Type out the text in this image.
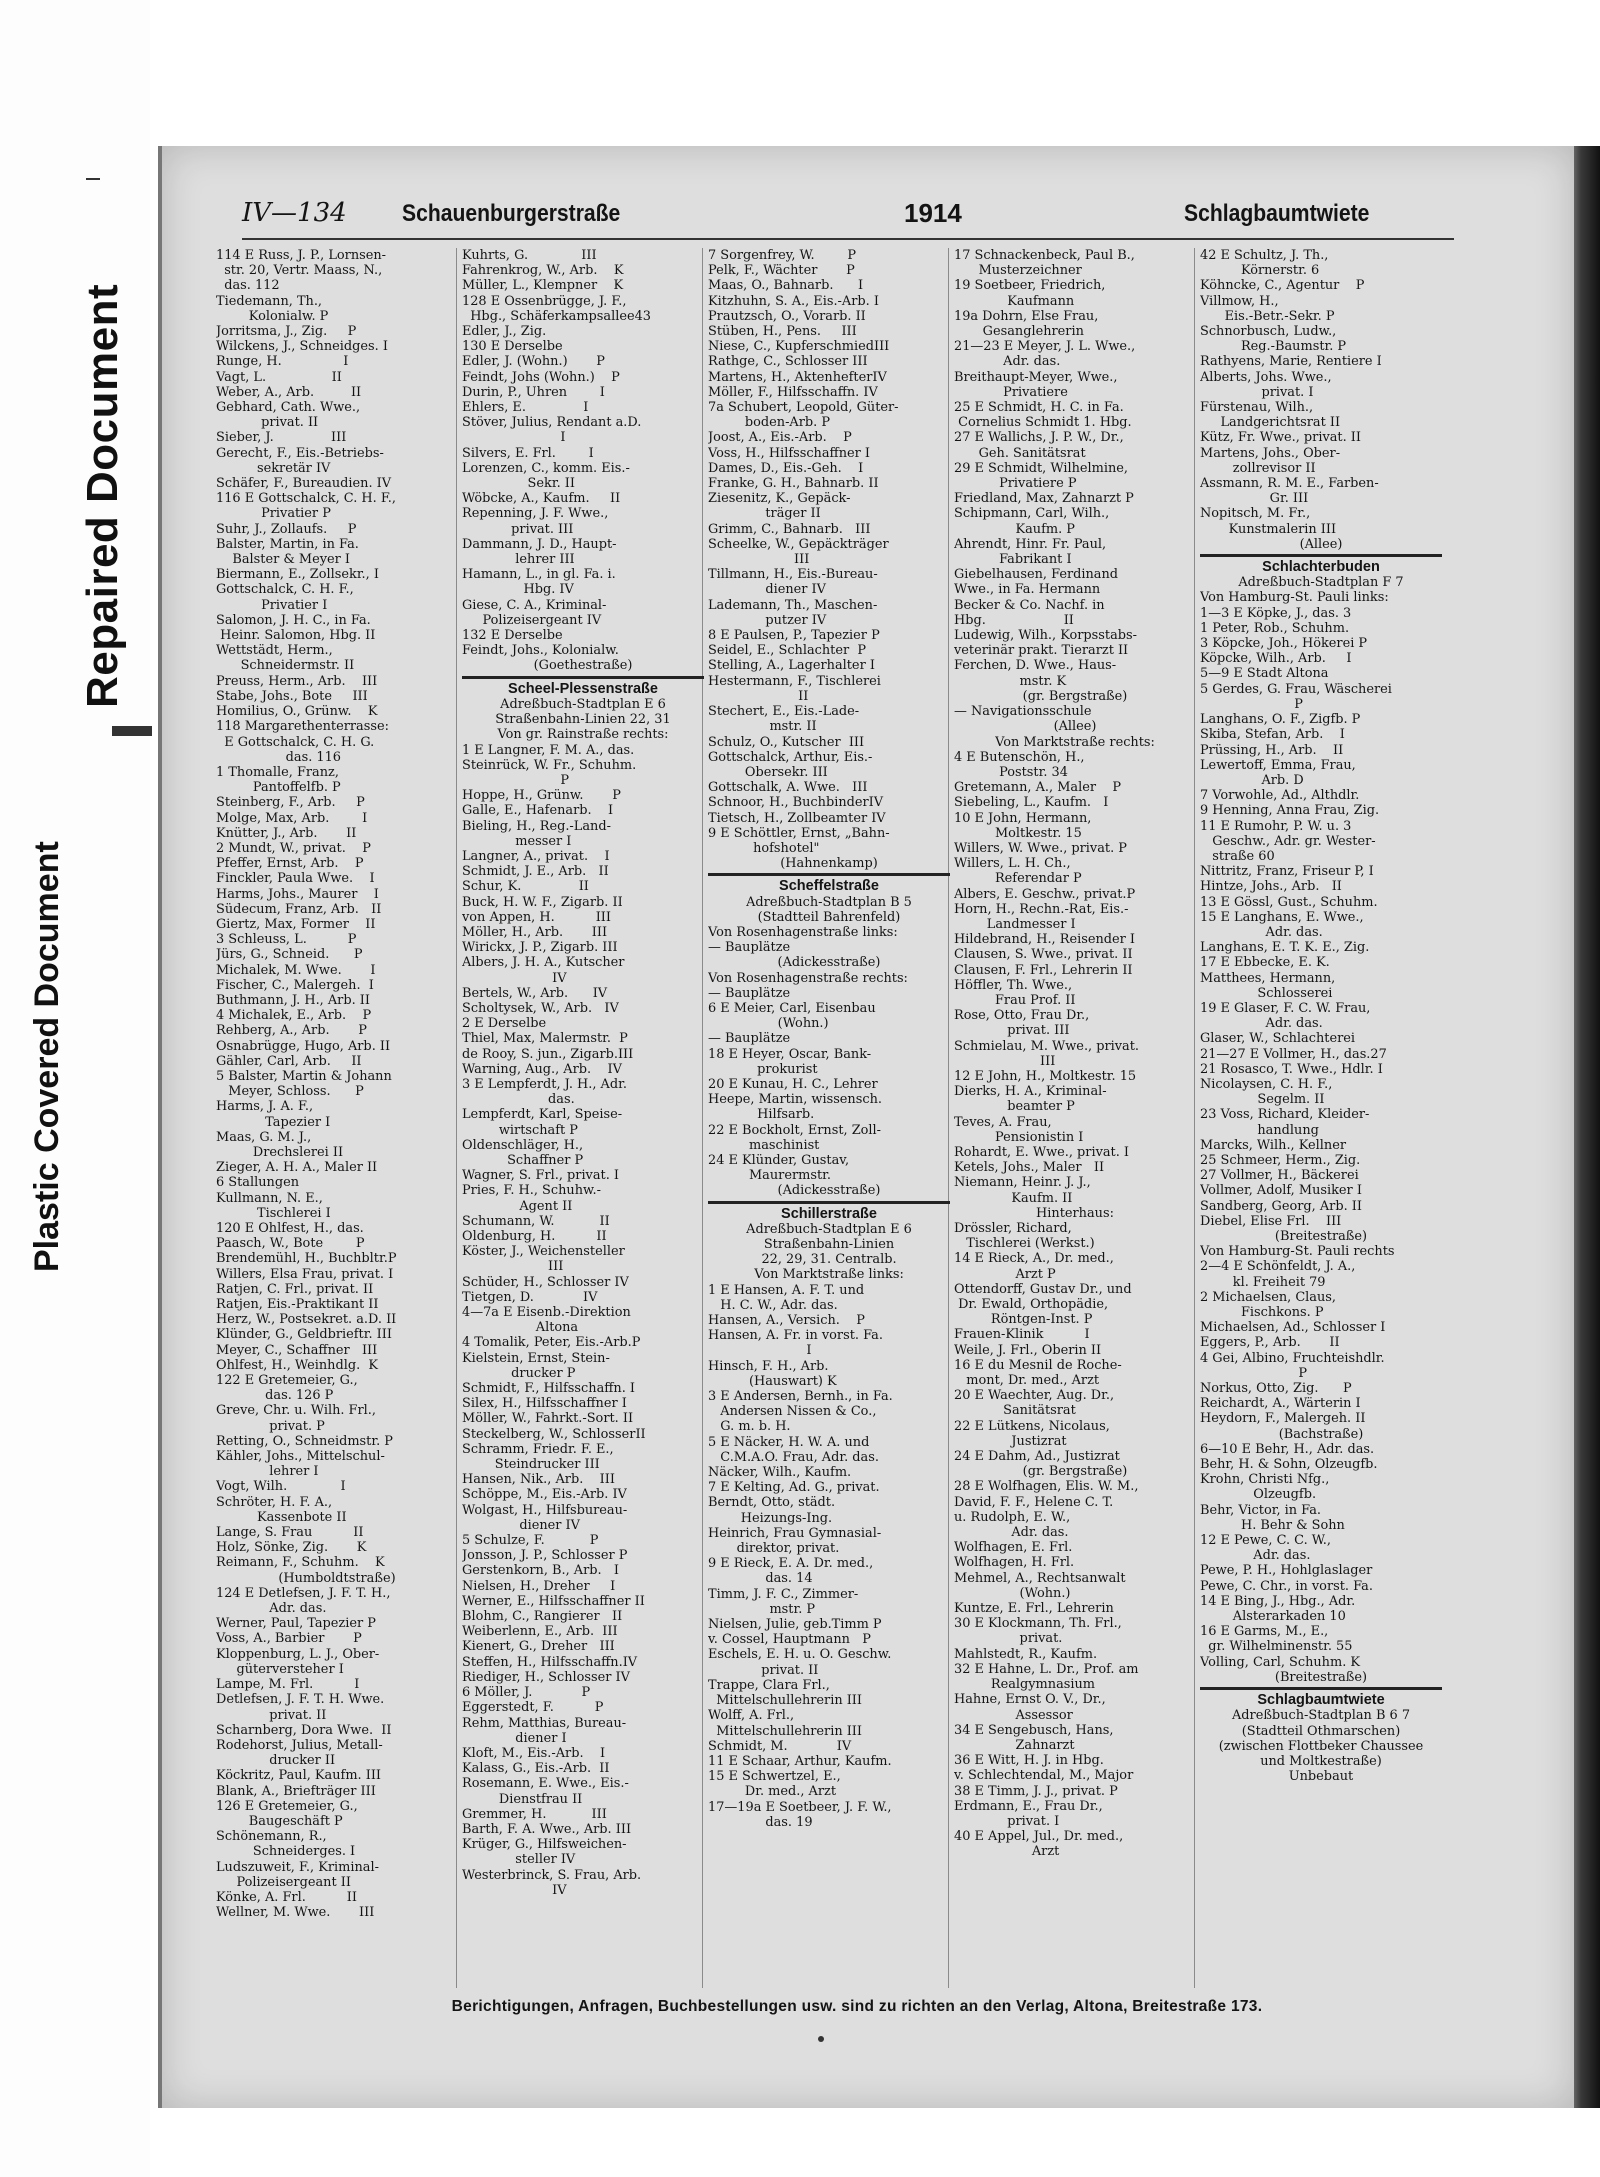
Repaired Document
Plastic Covered Document
IV—134 Schauenburgerstraße	1914	Schlagbaumtwiete
114 E Russ, J. P., Lornsen-
str. 20, Vertr. Maass, N.,
das. 112
Tiedemann, Th.,
Kolonialw. P
Jorritsma, J., Zig.     P
Wilckens, J., Schneidges. I
Runge, H.               I
Vagt, L.                II
Weber, A., Arb.         II
Gebhard, Cath. Wwe.,
privat. II
Sieber, J.              III
Gerecht, F., Eis.-Betriebs-
sekretär IV
Schäfer, F., Bureaudien. IV
116 E Gottschalck, C. H. F.,
Privatier P
Suhr, J., Zollaufs.     P
Balster, Martin, in Fa.
Balster & Meyer I
Biermann, E., Zollsekr., I
Gottschalck, C. H. F.,
Privatier I
Salomon, J. H. C., in Fa.
Heinr. Salomon, Hbg. II
Wettstädt, Herm.,
Schneidermstr. II
Preuss, Herm., Arb.    III
Stabe, Johs., Bote     III
Homilius, O., Grünw.    K
118 Margarethenterrasse:
E Gottschalck, C. H. G.
das. 116
1 Thomalle, Franz,
Pantoffelfb. P
Steinberg, F., Arb.     P
Molge, Max, Arb.        I
Knütter, J., Arb.       II
2 Mundt, W., privat.    P
Pfeffer, Ernst, Arb.    P
Finckler, Paula Wwe.    I
Harms, Johs., Maurer    I
Südecum, Franz, Arb.   II
Giertz, Max, Former    II
3 Schleuss, L.          P
Jürs, G., Schneid.      P
Michalek, M. Wwe.       I
Fischer, C., Malergeh.  I
Buthmann, J. H., Arb. II
4 Michalek, E., Arb.    P
Rehberg, A., Arb.       P
Osnabrügge, Hugo, Arb. II
Gähler, Carl, Arb.     II
5 Balster, Martin & Johann
Meyer, Schloss.      P
Harms, J. A. F.,
Tapezier I
Maas, G. M. J.,
Drechslerei II
Zieger, A. H. A., Maler II
6 Stallungen
Kullmann, N. E.,
Tischlerei I
120 E Ohlfest, H., das.
Paasch, W., Bote        P
Brendemühl, H., Buchbltr.P
Willers, Elsa Frau, privat. I
Ratjen, C. Frl., privat. II
Ratjen, Eis.-Praktikant II
Herz, W., Postsekret. a.D. II
Klünder, G., Geldbrieftr. III
Meyer, C., Schaffner   III
Ohlfest, H., Weinhdlg.  K
122 E Gretemeier, G.,
das. 126 P
Greve, Chr. u. Wilh. Frl.,
privat. P
Retting, O., Schneidmstr. P
Kähler, Johs., Mittelschul-
lehrer I
Vogt, Wilh.             I
Schröter, H. F. A.,
Kassenbote II
Lange, S. Frau          II
Holz, Sönke, Zig.       K
Reimann, F., Schuhm.    K
(Humboldtstraße)
124 E Detlefsen, J. F. T. H.,
Adr. das.
Werner, Paul, Tapezier P
Voss, A., Barbier       P
Kloppenburg, L. J., Ober-
güterversteher I
Lampe, M. Frl.          I
Detlefsen, J. F. T. H. Wwe.
privat. II
Scharnberg, Dora Wwe.  II
Rodehorst, Julius, Metall-
drucker II
Köckritz, Paul, Kaufm. III
Blank, A., Briefträger III
126 E Gretemeier, G.,
Baugeschäft P
Schönemann, R.,
Schneiderges. I
Ludszuweit, F., Kriminal-
Polizeisergeant II
Könke, A. Frl.          II
Wellner, M. Wwe.       III
Kuhrts, G.             III
Fahrenkrog, W., Arb.    K
Müller, L., Klempner    K
128 E Ossenbrügge, J. F.,
Hbg., Schäferkampsallee43
Edler, J., Zig.
130 E Derselbe
Edler, J. (Wohn.)       P
Feindt, Johs (Wohn.)    P
Durin, P., Uhren        I
Ehlers, E.              I
Stöver, Julius, Rendant a.D.
I
Silvers, E. Frl.        I
Lorenzen, C., komm. Eis.-
Sekr. II
Wöbcke, A., Kaufm.     II
Repenning, J. F. Wwe.,
privat. III
Dammann, J. D., Haupt-
lehrer III
Hamann, L., in gl. Fa. i.
Hbg. IV
Giese, C. A., Kriminal-
Polizeisergeant IV
132 E Derselbe
Feindt, Johs., Kolonialw.
(Goethestraße)
Scheel-Plessenstraße
Adreßbuch-Stadtplan E 6
Straßenbahn-Linien 22, 31
Von gr. Rainstraße rechts:
1 E Langner, F. M. A., das.
Steinrück, W. Fr., Schuhm.
P
Hoppe, H., Grünw.       P
Galle, E., Hafenarb.    I
Bieling, H., Reg.-Land-
messer I
Langner, A., privat.    I
Schmidt, J. E., Arb.   II
Schur, K.              II
Buck, H. W. F., Zigarb. II
von Appen, H.          III
Möller, H., Arb.       III
Wirickx, J. P., Zigarb. III
Albers, J. H. A., Kutscher
IV
Bertels, W., Arb.      IV
Scholtysek, W., Arb.   IV
2 E Derselbe
Thiel, Max, Malermstr.  P
de Rooy, S. jun., Zigarb.III
Warning, Aug., Arb.    IV
3 E Lempferdt, J. H., Adr.
das.
Lempferdt, Karl, Speise-
wirtschaft P
Oldenschläger, H.,
Schaffner P
Wagner, S. Frl., privat. I
Pries, F. H., Schuhw.-
Agent II
Schumann, W.           II
Oldenburg, H.          II
Köster, J., Weichensteller
III
Schüder, H., Schlosser IV
Tietgen, D.            IV
4—7a E Eisenb.-Direktion
Altona
4 Tomalik, Peter, Eis.-Arb.P
Kielstein, Ernst, Stein-
drucker P
Schmidt, F., Hilfsschaffn. I
Silex, H., Hilfsschaffner I
Möller, W., Fahrkt.-Sort. II
Steckelberg, W., SchlosserII
Schramm, Friedr. F. E.,
Steindrucker III
Hansen, Nik., Arb.    III
Schöppe, M., Eis.-Arb. IV
Wolgast, H., Hilfsbureau-
diener IV
5 Schulze, F.           P
Jonsson, J. P., Schlosser P
Gerstenkorn, B., Arb.   I
Nielsen, H., Dreher     I
Werner, E., Hilfsschaffner II
Blohm, C., Rangierer   II
Weiberlenn, E., Arb.  III
Kienert, G., Dreher   III
Steffen, H., Hilfsschaffn.IV
Riediger, H., Schlosser IV
6 Möller, J.            P
Eggerstedt, F.          P
Rehm, Matthias, Bureau-
diener I
Kloft, M., Eis.-Arb.    I
Kalass, G., Eis.-Arb.  II
Rosemann, E. Wwe., Eis.-
Dienstfrau II
Gremmer, H.           III
Barth, F. A. Wwe., Arb. III
Krüger, G., Hilfsweichen-
steller IV
Westerbrinck, S. Frau, Arb.
IV
7 Sorgenfrey, W.        P
Pelk, F., Wächter       P
Maas, O., Bahnarb.      I
Kitzhuhn, S. A., Eis.-Arb. I
Prautzsch, O., Vorarb. II
Stüben, H., Pens.     III
Niese, C., KupferschmiedIII
Rathge, C., Schlosser III
Martens, H., AktenhefterIV
Möller, F., Hilfsschaffn. IV
7a Schubert, Leopold, Güter-
boden-Arb. P
Joost, A., Eis.-Arb.    P
Voss, H., Hilfsschaffner I
Dames, D., Eis.-Geh.    I
Franke, G. H., Bahnarb. II
Ziesenitz, K., Gepäck-
träger II
Grimm, C., Bahnarb.   III
Scheelke, W., Gepäckträger
III
Tillmann, H., Eis.-Bureau-
diener IV
Lademann, Th., Maschen-
putzer IV
8 E Paulsen, P., Tapezier P
Seidel, E., Schlachter  P
Stelling, A., Lagerhalter I
Hestermann, F., Tischlerei
II
Stechert, E., Eis.-Lade-
mstr. II
Schulz, O., Kutscher  III
Gottschalck, Arthur, Eis.-
Obersekr. III
Gottschalk, A. Wwe.   III
Schnoor, H., BuchbinderIV
Tietsch, H., Zollbeamter IV
9 E Schöttler, Ernst, „Bahn-
hofshotel"
(Hahnenkamp)
Scheffelstraße
Adreßbuch-Stadtplan B 5
(Stadtteil Bahrenfeld)
Von Rosenhagenstraße links:
— Bauplätze
(Adickesstraße)
Von Rosenhagenstraße rechts:
— Bauplätze
6 E Meier, Carl, Eisenbau
(Wohn.)
— Bauplätze
18 E Heyer, Oscar, Bank-
prokurist
20 E Kunau, H. C., Lehrer
Heepe, Martin, wissensch.
Hilfsarb.
22 E Bockholt, Ernst, Zoll-
maschinist
24 E Klünder, Gustav,
Maurermstr.
(Adickesstraße)
Schillerstraße
Adreßbuch-Stadtplan E 6
Straßenbahn-Linien
22, 29, 31. Centralb.
Von Marktstraße links:
1 E Hansen, A. F. T. und
H. C. W., Adr. das.
Hansen, A., Versich.    P
Hansen, A. Fr. in vorst. Fa.
I
Hinsch, F. H., Arb.
(Hauswart) K
3 E Andersen, Bernh., in Fa.
Andersen Nissen & Co.,
G. m. b. H.
5 E Näcker, H. W. A. und
C.M.A.O. Frau, Adr. das.
Näcker, Wilh., Kaufm.
7 E Kelting, Ad. G., privat.
Berndt, Otto, städt.
Heizungs-Ing.
Heinrich, Frau Gymnasial-
direktor, privat.
9 E Rieck, E. A. Dr. med.,
das. 14
Timm, J. F. C., Zimmer-
mstr. P
Nielsen, Julie, geb.Timm P
v. Cossel, Hauptmann   P
Eschels, E. H. u. O. Geschw.
privat. II
Trappe, Clara Frl.,
Mittelschullehrerin III
Wolff, A. Frl.,
Mittelschullehrerin III
Schmidt, M.            IV
11 E Schaar, Arthur, Kaufm.
15 E Schwertzel, E.,
Dr. med., Arzt
17—19a E Soetbeer, J. F. W.,
das. 19
17 Schnackenbeck, Paul B.,
Musterzeichner
19 Soetbeer, Friedrich,
Kaufmann
19a Dohrn, Else Frau,
Gesanglehrerin
21—23 E Meyer, J. L. Wwe.,
Adr. das.
Breithaupt-Meyer, Wwe.,
Privatiere
25 E Schmidt, H. C. in Fa.
Cornelius Schmidt 1. Hbg.
27 E Wallichs, J. P. W., Dr.,
Geh. Sanitätsrat
29 E Schmidt, Wilhelmine,
Privatiere P
Friedland, Max, Zahnarzt P
Schipmann, Carl, Wilh.,
Kaufm. P
Ahrendt, Hinr. Fr. Paul,
Fabrikant I
Giebelhausen, Ferdinand
Wwe., in Fa. Hermann
Becker & Co. Nachf. in
Hbg.                   II
Ludewig, Wilh., Korpsstabs-
veterinär prakt. Tierarzt II
Ferchen, D. Wwe., Haus-
mstr. K
(gr. Bergstraße)
— Navigationsschule
(Allee)
Von Marktstraße rechts:
4 E Butenschön, H.,
Poststr. 34
Gretemann, A., Maler    P
Siebeling, L., Kaufm.   I
10 E John, Hermann,
Moltkestr. 15
Willers, W. Wwe., privat. P
Willers, L. H. Ch.,
Referendar P
Albers, E. Geschw., privat.P
Horn, H., Rechn.-Rat, Eis.-
Landmesser I
Hildebrand, H., Reisender I
Clausen, S. Wwe., privat. II
Clausen, F. Frl., Lehrerin II
Höffler, Th. Wwe.,
Frau Prof. II
Rose, Otto, Frau Dr.,
privat. III
Schmielau, M. Wwe., privat.
III
12 E John, H., Moltkestr. 15
Dierks, H. A., Kriminal-
beamter P
Teves, A. Frau,
Pensionistin I
Rohardt, E. Wwe., privat. I
Ketels, Johs., Maler   II
Niemann, Heinr. J. J.,
Kaufm. II
Hinterhaus:
Drössler, Richard,
Tischlerei (Werkst.)
14 E Rieck, A., Dr. med.,
Arzt P
Ottendorff, Gustav Dr., und
Dr. Ewald, Orthopädie,
Röntgen-Inst. P
Frauen-Klinik          I
Weile, J. Frl., Oberin II
16 E du Mesnil de Roche-
mont, Dr. med., Arzt
20 E Waechter, Aug. Dr.,
Sanitätsrat
22 E Lütkens, Nicolaus,
Justizrat
24 E Dahm, Ad., Justizrat
(gr. Bergstraße)
28 E Wolfhagen, Elis. W. M.,
David, F. F., Helene C. T.
u. Rudolph, E. W.,
Adr. das.
Wolfhagen, E. Frl.
Wolfhagen, H. Frl.
Mehmel, A., Rechtsanwalt
(Wohn.)
Kuntze, E. Frl., Lehrerin
30 E Klockmann, Th. Frl.,
privat.
Mahlstedt, R., Kaufm.
32 E Hahne, L. Dr., Prof. am
Realgymnasium
Hahne, Ernst O. V., Dr.,
Assessor
34 E Sengebusch, Hans,
Zahnarzt
36 E Witt, H. J. in Hbg.
v. Schlechtendal, M., Major
38 E Timm, J. J., privat. P
Erdmann, E., Frau Dr.,
privat. I
40 E Appel, Jul., Dr. med.,
Arzt
42 E Schultz, J. Th.,
Körnerstr. 6
Köhncke, C., Agentur    P
Villmow, H.,
Eis.-Betr.-Sekr. P
Schnorbusch, Ludw.,
Reg.-Baumstr. P
Rathyens, Marie, Rentiere I
Alberts, Johs. Wwe.,
privat. I
Fürstenau, Wilh.,
Landgerichtsrat II
Kütz, Fr. Wwe., privat. II
Martens, Johs., Ober-
zollrevisor II
Assmann, R. M. E., Farben-
Gr. III
Nopitsch, M. Fr.,
Kunstmalerin III
(Allee)
Schlachterbuden
Adreßbuch-Stadtplan F 7
Von Hamburg-St. Pauli links:
1—3 E Köpke, J., das. 3
1 Peter, Rob., Schuhm.
3 Köpcke, Joh., Hökerei P
Köpcke, Wilh., Arb.     I
5—9 E Stadt Altona
5 Gerdes, G. Frau, Wäscherei
P
Langhans, O. F., Zigfb. P
Skiba, Stefan, Arb.    I
Prüssing, H., Arb.    II
Lewertoff, Emma, Frau,
Arb. D
7 Vorwohle, Ad., Althdlr.
9 Henning, Anna Frau, Zig.
11 E Rumohr, P. W. u. 3
Geschw., Adr. gr. Wester-
straße 60
Nittritz, Franz, Friseur P, I
Hintze, Johs., Arb.   II
13 E Gössl, Gust., Schuhm.
15 E Langhans, E. Wwe.,
Adr. das.
Langhans, E. T. K. E., Zig.
17 E Ebbecke, E. K.
Matthees, Hermann,
Schlosserei
19 E Glaser, F. C. W. Frau,
Adr. das.
Glaser, W., Schlachterei
21—27 E Vollmer, H., das.27
21 Rosasco, T. Wwe., Hdlr. I
Nicolaysen, C. H. F.,
Segelm. II
23 Voss, Richard, Kleider-
handlung
Marcks, Wilh., Kellner
25 Schmeer, Herm., Zig.
27 Vollmer, H., Bäckerei
Vollmer, Adolf, Musiker I
Sandberg, Georg, Arb. II
Diebel, Elise Frl.    III
(Breitestraße)
Von Hamburg-St. Pauli rechts
2—4 E Schönfeldt, J. A.,
kl. Freiheit 79
2 Michaelsen, Claus,
Fischkons. P
Michaelsen, Ad., Schlosser I
Eggers, P., Arb.       II
4 Gei, Albino, Fruchteishdlr.
P
Norkus, Otto, Zig.      P
Reichardt, A., Wärterin I
Heydorn, F., Malergeh. II
(Bachstraße)
6—10 E Behr, H., Adr. das.
Behr, H. & Sohn, Ölzeugfb.
Krohn, Christi Nfg.,
Ölzeugfb.
Behr, Victor, in Fa.
H. Behr & Sohn
12 E Pewe, C. C. W.,
Adr. das.
Pewe, P. H., Hohlglaslager
Pewe, C. Chr., in vorst. Fa.
14 E Bing, J., Hbg., Adr.
Alsterarkaden 10
16 E Garms, M., E.,
gr. Wilhelminenstr. 55
Volling, Carl, Schuhm. K
(Breitestraße)
Schlagbaumtwiete
Adreßbuch-Stadtplan B 6 7
(Stadtteil Othmarschen)
(zwischen Flottbeker Chaussee
und Moltkestraße)
Unbebaut
Berichtigungen, Anfragen, Buchbestellungen usw. sind zu richten an den Verlag, Altona, Breitestraße 173.
